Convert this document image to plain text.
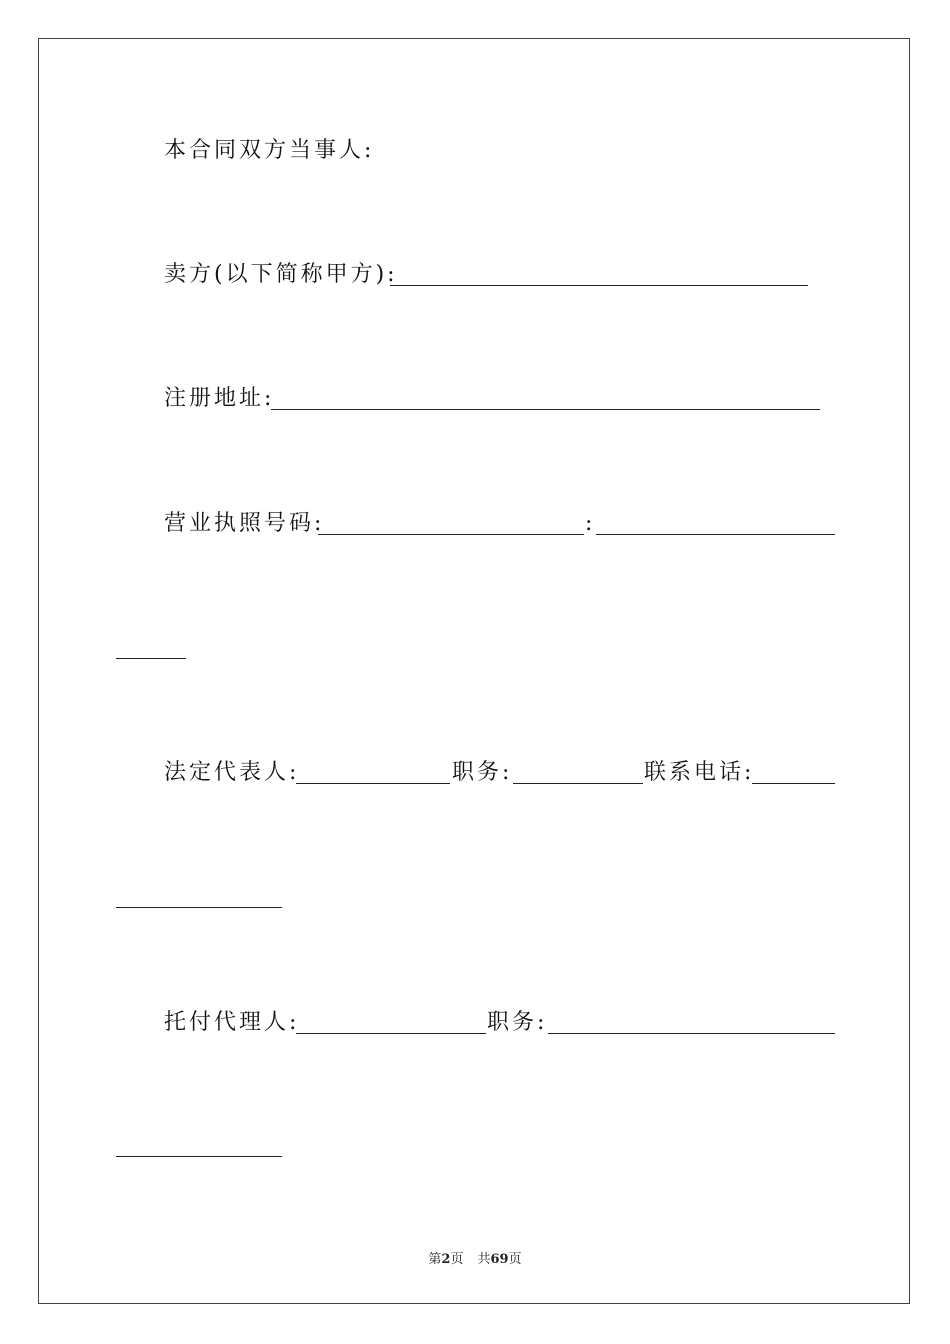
本合同双方当事人:
卖方(以下简称甲方):
注册地址:
营业执照号码:	:
法定代表人:	职务:	联系电话:
托付代理人:	职务:
第2页 共69页
